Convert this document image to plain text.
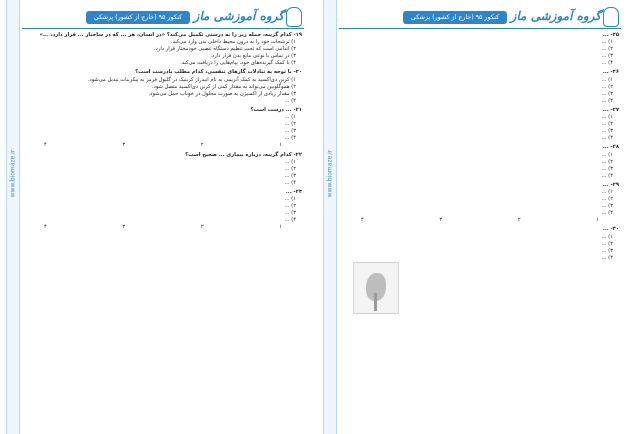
www.biomaze.ir
کنکور ۹۵ (خارج از کشور) پزشکی گروه آموزشی ماز
۱۹- کدام گزینه، جمله زیر را به درستی تکمیل می‌کند؟ «در انسان، هر ... که در ساختار ... قرار دارد، ...»
۱) ترشحات خود را به درون محیط داخلی بدن وارد می‌کند.
۲) اندامی است که تحت تنظیم دستگاه عصبی خودمختار قرار دارد.
۳) در تماس با نوعی مایع بدن قرار دارد.
۴) با کمک گیرنده‌های خود، پیام‌هایی را دریافت می‌کند.
۲۰- با توجه به تبادلات گازهای تنفسی، کدام مطلب نادرست است؟
۱) کربن دی‌اکسید به کمک آنزیمی به نام انیدراز کربنیک در گلبول قرمز به بیکربنات تبدیل می‌شود.
۲) هموگلوبین می‌تواند به مقدار کمی از کربن دی‌اکسید متصل شود.
۳) مقدار زیادی از اکسیژن به صورت محلول در خوناب حمل می‌شود.
۴) ...
۲۱- ... درست است؟
۱) ...
۲) ...
۳) ...
۴) ...
۱
۲
۳
۴
۲۲- کدام گزینه، درباره بیماری ... صحیح است؟
۱) ...
۲) ...
۳) ...
۴) ...
۲۳- ...
۱) ...
۲) ...
۳) ...
۴) ...
۱
۲
۳
۴
www.biomaze.ir
کنکور ۹۵ (خارج از کشور) پزشکی گروه آموزشی ماز
۲۵- ...
۱) ...
۲) ...
۳) ...
۴) ...
۲۶- ...
۱) ...
۲) ...
۳) ...
۴) ...
۲۷- ...
۱) ...
۲) ...
۳) ...
۴) ...
۲۸- ...
۱) ...
۲) ...
۳) ...
۴) ...
۲۹- ...
۱) ...
۲) ...
۳) ...
۴) ...
۱
۲
۳
۴
۳۰- ...
۱) ...
۲) ...
۳) ...
۴) ...
